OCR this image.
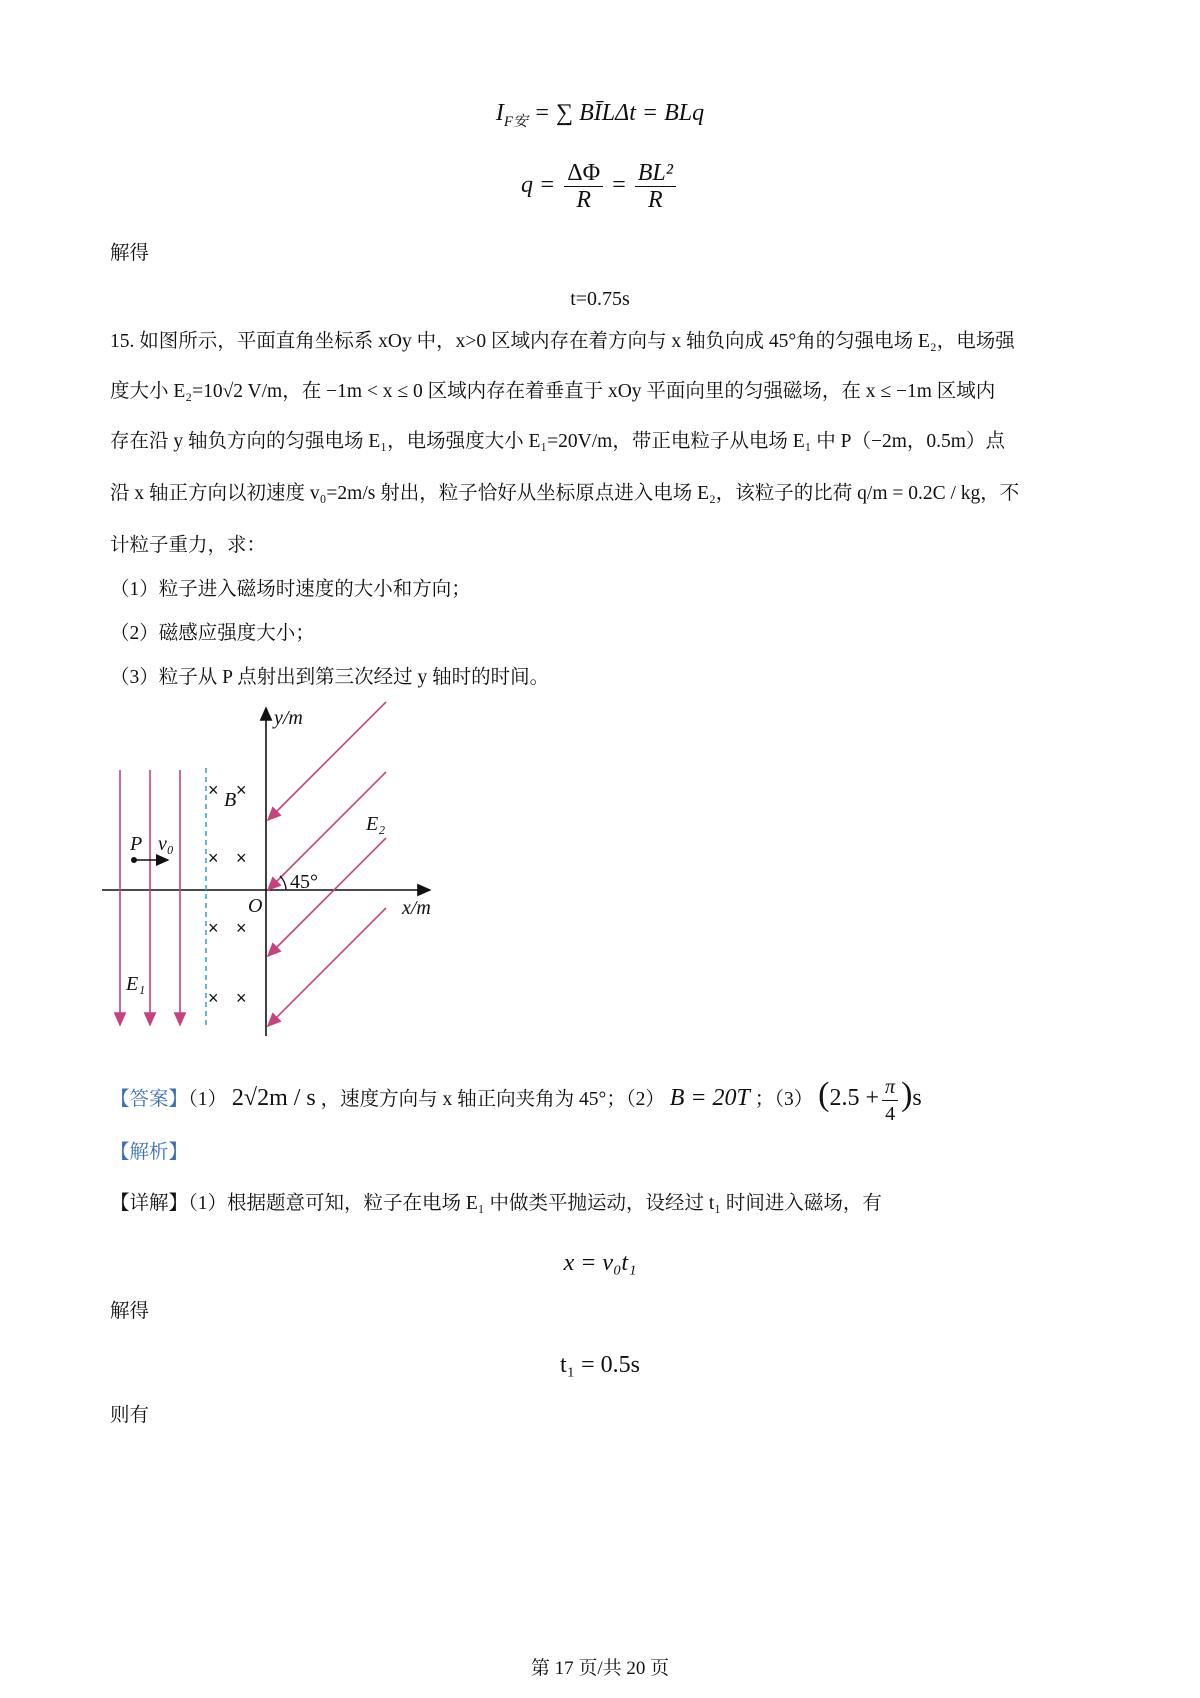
$I_{F安}$ = ∑ BĪLΔt = BLq
$q = \frac{\Delta\Phi}{R} = \frac{\text{BL²}}{R}$
解得
t=0.75s
15. 如图所示，平面直角坐标系 xOy 中，x>0 区域内存在着方向与 x 轴负向成 45°角的匀强电场 E₂，电场强
度大小 E₂=10√2 V/m，在 −1m < x ≤ 0 区域内存在着垂直于 xOy 平面向里的匀强磁场，在 x ≤ −1m 区域内
存在沿 y 轴负方向的匀强电场 E₁，电场强度大小 E₁=20V/m，带正电粒子从电场 E₁ 中 P（−2m，0.5m）点
沿 x 轴正方向以初速度 v₀=2m/s 射出，粒子恰好从坐标原点进入电场 E₂，该粒子的比荷 q/m = 0.2C / kg，不
计粒子重力，求：
（1）粒子进入磁场时速度的大小和方向；
（2）磁感应强度大小；
（3）粒子从 P 点射出到第三次经过 y 轴时的时间。
× ×
× ×
× ×
× ×
y/m
x/m
O
B
E₁
E₂
P v₀
45°
【答案】（1） 2√2m / s ，速度方向与 x 轴正向夹角为 45°；（2） B = 20T ；（3） $(2.5 + \frac{\pi}{4} )s$
【解析】
【详解】（1）根据题意可知，粒子在电场 E₁ 中做类平抛运动，设经过 t₁ 时间进入磁场，有
x = v₀t₁
解得
t₁ = 0.5s
则有
第 17 页/共 20 页
